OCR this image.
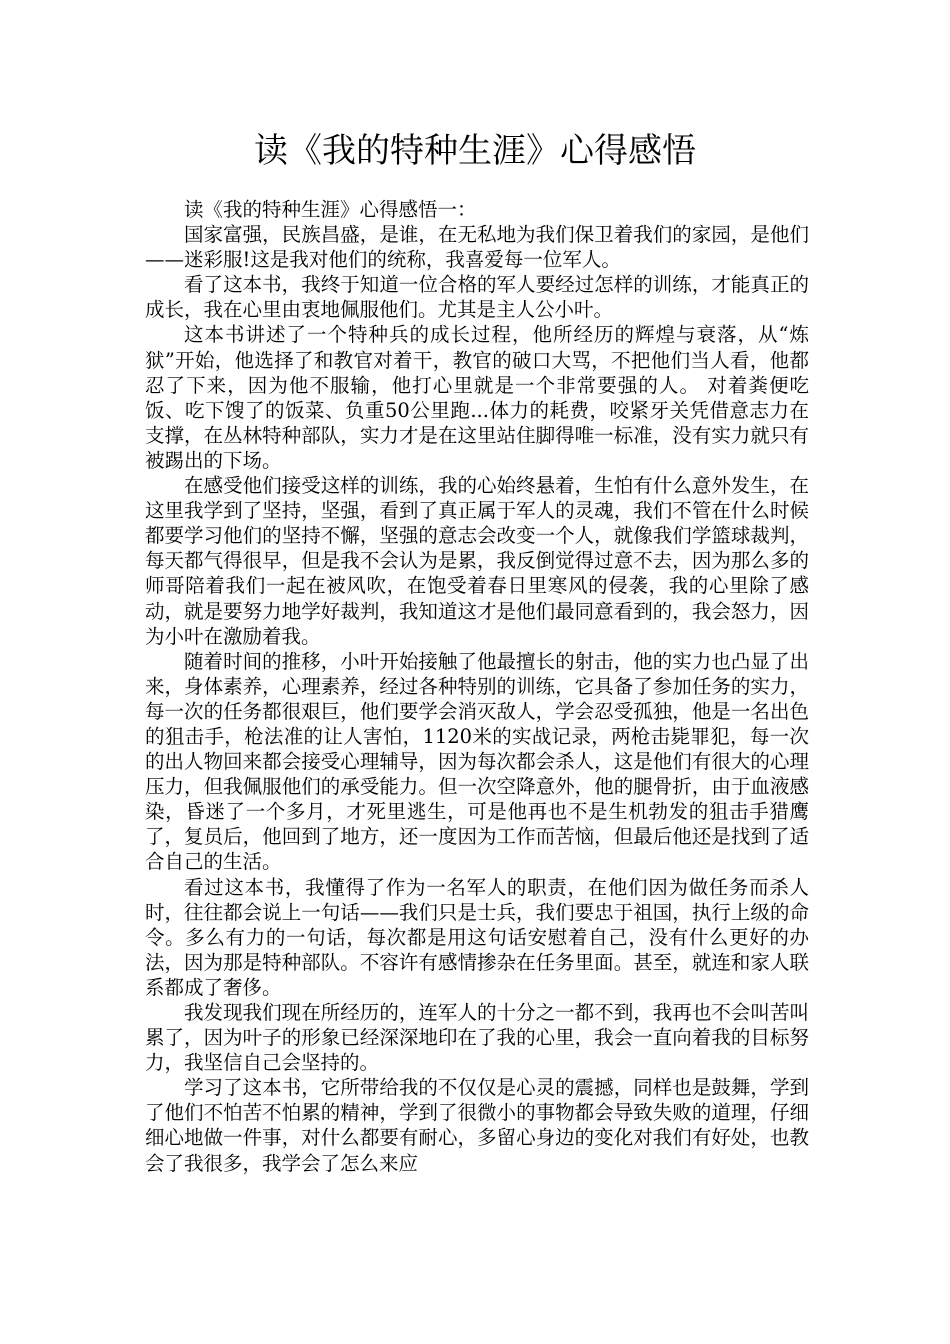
读《我的特种生涯》心得感悟

读《我的特种生涯》心得感悟一：

国家富强，民族昌盛，是谁，在无私地为我们保卫着我们的家园，是他们——迷彩服!这是我对他们的统称，我喜爱每一位军人。

看了这本书，我终于知道一位合格的军人要经过怎样的训练，才能真正的成长，我在心里由衷地佩服他们。尤其是主人公小叶。

这本书讲述了一个特种兵的成长过程，他所经历的辉煌与衰落，从“炼狱”开始，他选择了和教官对着干，教官的破口大骂，不把他们当人看，他都忍了下来，因为他不服输，他打心里就是一个非常要强的人。 对着粪便吃饭、吃下馊了的饭菜、负重50公里跑...体力的耗费，咬紧牙关凭借意志力在支撑，在丛林特种部队，实力才是在这里站住脚得唯一标准，没有实力就只有被踢出的下场。

在感受他们接受这样的训练，我的心始终悬着，生怕有什么意外发生，在这里我学到了坚持，坚强，看到了真正属于军人的灵魂，我们不管在什么时候都要学习他们的坚持不懈，坚强的意志会改变一个人，就像我们学篮球裁判，每天都气得很早，但是我不会认为是累，我反倒觉得过意不去，因为那么多的师哥陪着我们一起在被风吹，在饱受着春日里寒风的侵袭，我的心里除了感动，就是要努力地学好裁判，我知道这才是他们最同意看到的，我会怒力，因为小叶在激励着我。

随着时间的推移，小叶开始接触了他最擅长的射击，他的实力也凸显了出来，身体素养，心理素养，经过各种特别的训练，它具备了参加任务的实力，每一次的任务都很艰巨，他们要学会消灭敌人，学会忍受孤独，他是一名出色的狙击手，枪法准的让人害怕，1120米的实战记录，两枪击毙罪犯，每一次的出人物回来都会接受心理辅导，因为每次都会杀人，这是他们有很大的心理压力，但我佩服他们的承受能力。但一次空降意外，他的腿骨折，由于血液感染，昏迷了一个多月，才死里逃生，可是他再也不是生机勃发的狙击手猎鹰了，复员后，他回到了地方，还一度因为工作而苦恼，但最后他还是找到了适合自己的生活。

看过这本书，我懂得了作为一名军人的职责，在他们因为做任务而杀人时，往往都会说上一句话——我们只是士兵，我们要忠于祖国，执行上级的命令。多么有力的一句话，每次都是用这句话安慰着自己，没有什么更好的办法，因为那是特种部队。不容许有感情掺杂在任务里面。甚至，就连和家人联系都成了奢侈。

我发现我们现在所经历的，连军人的十分之一都不到，我再也不会叫苦叫累了，因为叶子的形象已经深深地印在了我的心里，我会一直向着我的目标努力，我坚信自己会坚持的。

学习了这本书，它所带给我的不仅仅是心灵的震撼，同样也是鼓舞，学到了他们不怕苦不怕累的精神，学到了很微小的事物都会导致失败的道理，仔细细心地做一件事，对什么都要有耐心，多留心身边的变化对我们有好处，也教会了我很多，我学会了怎么来应
